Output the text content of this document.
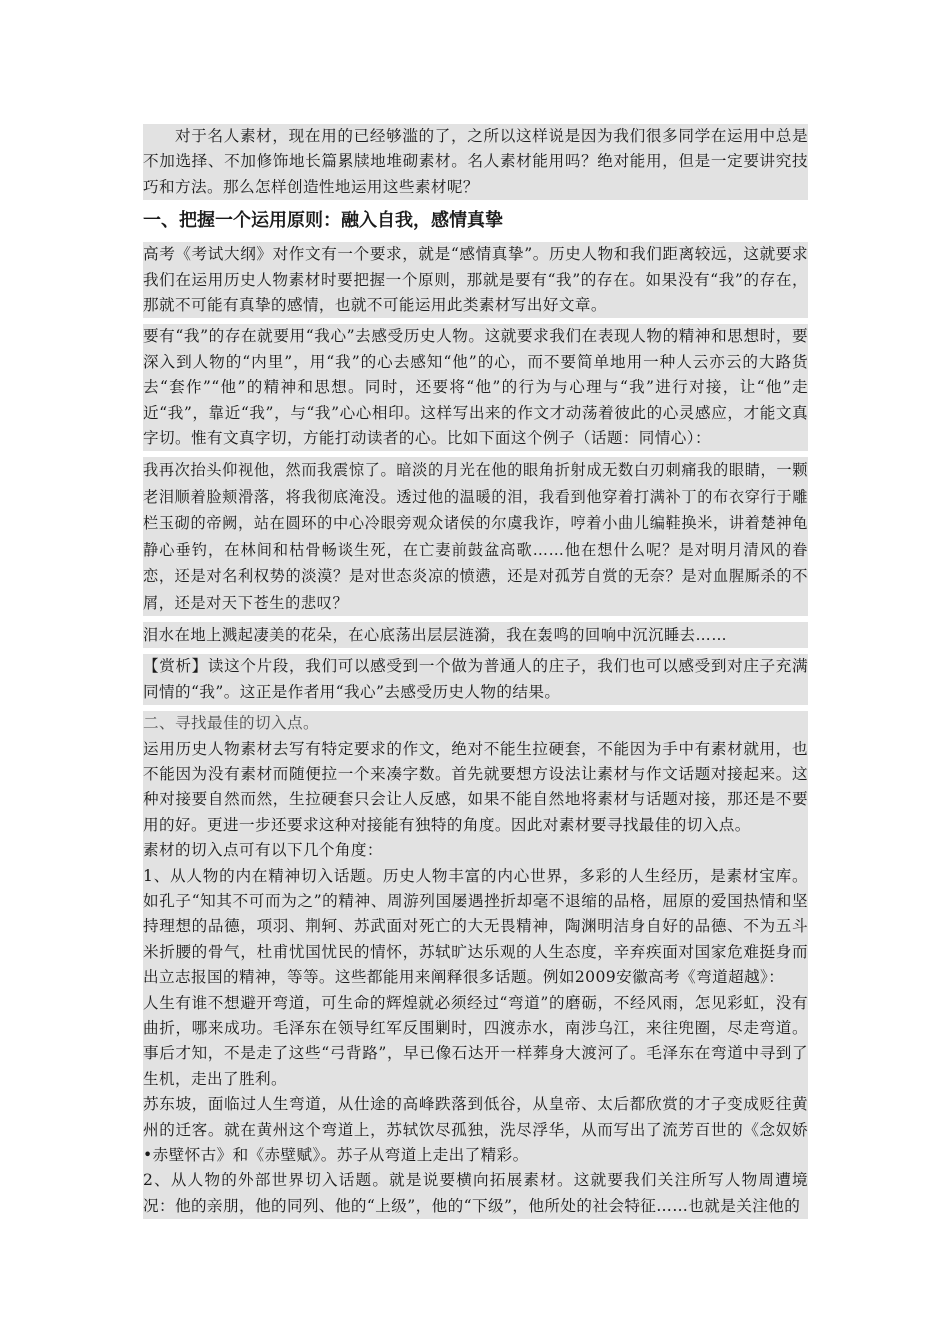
对于名人素材，现在用的已经够滥的了，之所以这样说是因为我们很多同学在运用中总是不加选择、不加修饰地长篇累牍地堆砌素材。名人素材能用吗？绝对能用，但是一定要讲究技巧和方法。那么怎样创造性地运用这些素材呢？

一、把握一个运用原则：融入自我，感情真挚

高考《考试大纲》对作文有一个要求，就是“感情真挚”。历史人物和我们距离较远，这就要求我们在运用历史人物素材时要把握一个原则，那就是要有“我”的存在。如果没有“我”的存在，那就不可能有真挚的感情，也就不可能运用此类素材写出好文章。

要有“我”的存在就要用“我心”去感受历史人物。这就要求我们在表现人物的精神和思想时，要深入到人物的“内里”，用“我”的心去感知“他”的心，而不要简单地用一种人云亦云的大路货去“套作”“他”的精神和思想。同时，还要将“他”的行为与心理与“我”进行对接，让“他”走近“我”，靠近“我”，与“我”心心相印。这样写出来的作文才动荡着彼此的心灵感应，才能文真字切。惟有文真字切，方能打动读者的心。比如下面这个例子（话题：同情心）：

我再次抬头仰视他，然而我震惊了。暗淡的月光在他的眼角折射成无数白刃刺痛我的眼睛，一颗老泪顺着脸颊滑落，将我彻底淹没。透过他的温暖的泪，我看到他穿着打满补丁的布衣穿行于雕栏玉砌的帝阙，站在圆环的中心冷眼旁观众诸侯的尔虞我诈，哼着小曲儿编鞋换米，讲着楚神龟静心垂钓，在林间和枯骨畅谈生死，在亡妻前鼓盆高歌……他在想什么呢？是对明月清风的眷恋，还是对名利权势的淡漠？是对世态炎凉的愤懑，还是对孤芳自赏的无奈？是对血腥厮杀的不屑，还是对天下苍生的悲叹？

泪水在地上溅起凄美的花朵，在心底荡出层层涟漪，我在轰鸣的回响中沉沉睡去……

【赏析】读这个片段，我们可以感受到一个做为普通人的庄子，我们也可以感受到对庄子充满同情的“我”。这正是作者用“我心”去感受历史人物的结果。

二、寻找最佳的切入点。

运用历史人物素材去写有特定要求的作文，绝对不能生拉硬套，不能因为手中有素材就用，也不能因为没有素材而随便拉一个来凑字数。首先就要想方设法让素材与作文话题对接起来。这种对接要自然而然，生拉硬套只会让人反感，如果不能自然地将素材与话题对接，那还是不要用的好。更进一步还要求这种对接能有独特的角度。因此对素材要寻找最佳的切入点。

素材的切入点可有以下几个角度：

1、从人物的内在精神切入话题。历史人物丰富的内心世界，多彩的人生经历，是素材宝库。如孔子“知其不可而为之”的精神、周游列国屡遇挫折却毫不退缩的品格，屈原的爱国热情和坚持理想的品德，项羽、荆轲、苏武面对死亡的大无畏精神，陶渊明洁身自好的品德、不为五斗米折腰的骨气，杜甫忧国忧民的情怀，苏轼旷达乐观的人生态度，辛弃疾面对国家危难挺身而出立志报国的精神，等等。这些都能用来阐释很多话题。例如2009安徽高考《弯道超越》：

人生有谁不想避开弯道，可生命的辉煌就必须经过“弯道”的磨砺，不经风雨，怎见彩虹，没有曲折，哪来成功。毛泽东在领导红军反围剿时，四渡赤水，南涉乌江，来往兜圈，尽走弯道。事后才知，不是走了这些“弓背路”，早已像石达开一样葬身大渡河了。毛泽东在弯道中寻到了生机，走出了胜利。

苏东坡，面临过人生弯道，从仕途的高峰跌落到低谷，从皇帝、太后都欣赏的才子变成贬往黄州的迁客。就在黄州这个弯道上，苏轼饮尽孤独，洗尽浮华，从而写出了流芳百世的《念奴娇•赤壁怀古》和《赤壁赋》。苏子从弯道上走出了精彩。

2、从人物的外部世界切入话题。就是说要横向拓展素材。这就要我们关注所写人物周遭境况：他的亲朋，他的同列、他的“上级”，他的“下级”，他所处的社会特征……也就是关注他的
